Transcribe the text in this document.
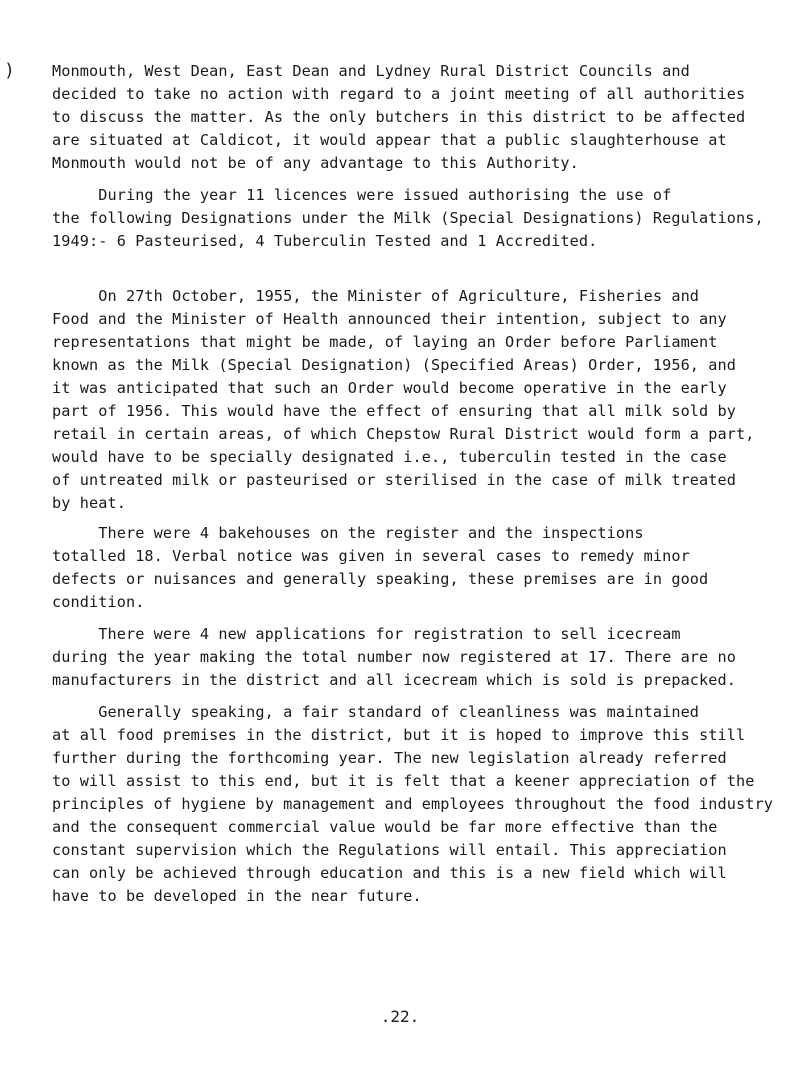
) Monmouth, West Dean, East Dean and Lydney Rural District Councils and

decided to take no action with regard to a joint meeting of all authorities

to discuss the matter. As the only butchers in this district to be affected

are situated at Caldicot, it would appear that a public slaughterhouse at

Monmouth would not be of any advantage to this Authority.

During the year 11 licences were issued authorising the use of

the following Designations under the Milk (Special Designations) Regulations,

1949:- 6 Pasteurised, 4 Tuberculin Tested and 1 Accredited.

On 27th October, 1955, the Minister of Agriculture, Fisheries and

Food and the Minister of Health announced their intention, subject to any

representations that might be made, of laying an Order before Parliament

known as the Milk (Special Designation) (Specified Areas) Order, 1956, and

it was anticipated that such an Order would become operative in the early

part of 1956. This would have the effect of ensuring that all milk sold by

retail in certain areas, of which Chepstow Rural District would form a part,

would have to be specially designated i.e., tuberculin tested in the case

of untreated milk or pasteurised or sterilised in the case of milk treated

by heat.

There were 4 bakehouses on the register and the inspections

totalled 18. Verbal notice was given in several cases to remedy minor

defects or nuisances and generally speaking, these premises are in good

condition.

There were 4 new applications for registration to sell icecream

during the year making the total number now registered at 17. There are no

manufacturers in the district and all icecream which is sold is prepacked.

Generally speaking, a fair standard of cleanliness was maintained

at all food premises in the district, but it is hoped to improve this still

further during the forthcoming year. The new legislation already referred

to will assist to this end, but it is felt that a keener appreciation of the

principles of hygiene by management and employees throughout the food industry

and the consequent commercial value would be far more effective than the

constant supervision which the Regulations will entail. This appreciation

can only be achieved through education and this is a new field which will

have to be developed in the near future.

.22.
